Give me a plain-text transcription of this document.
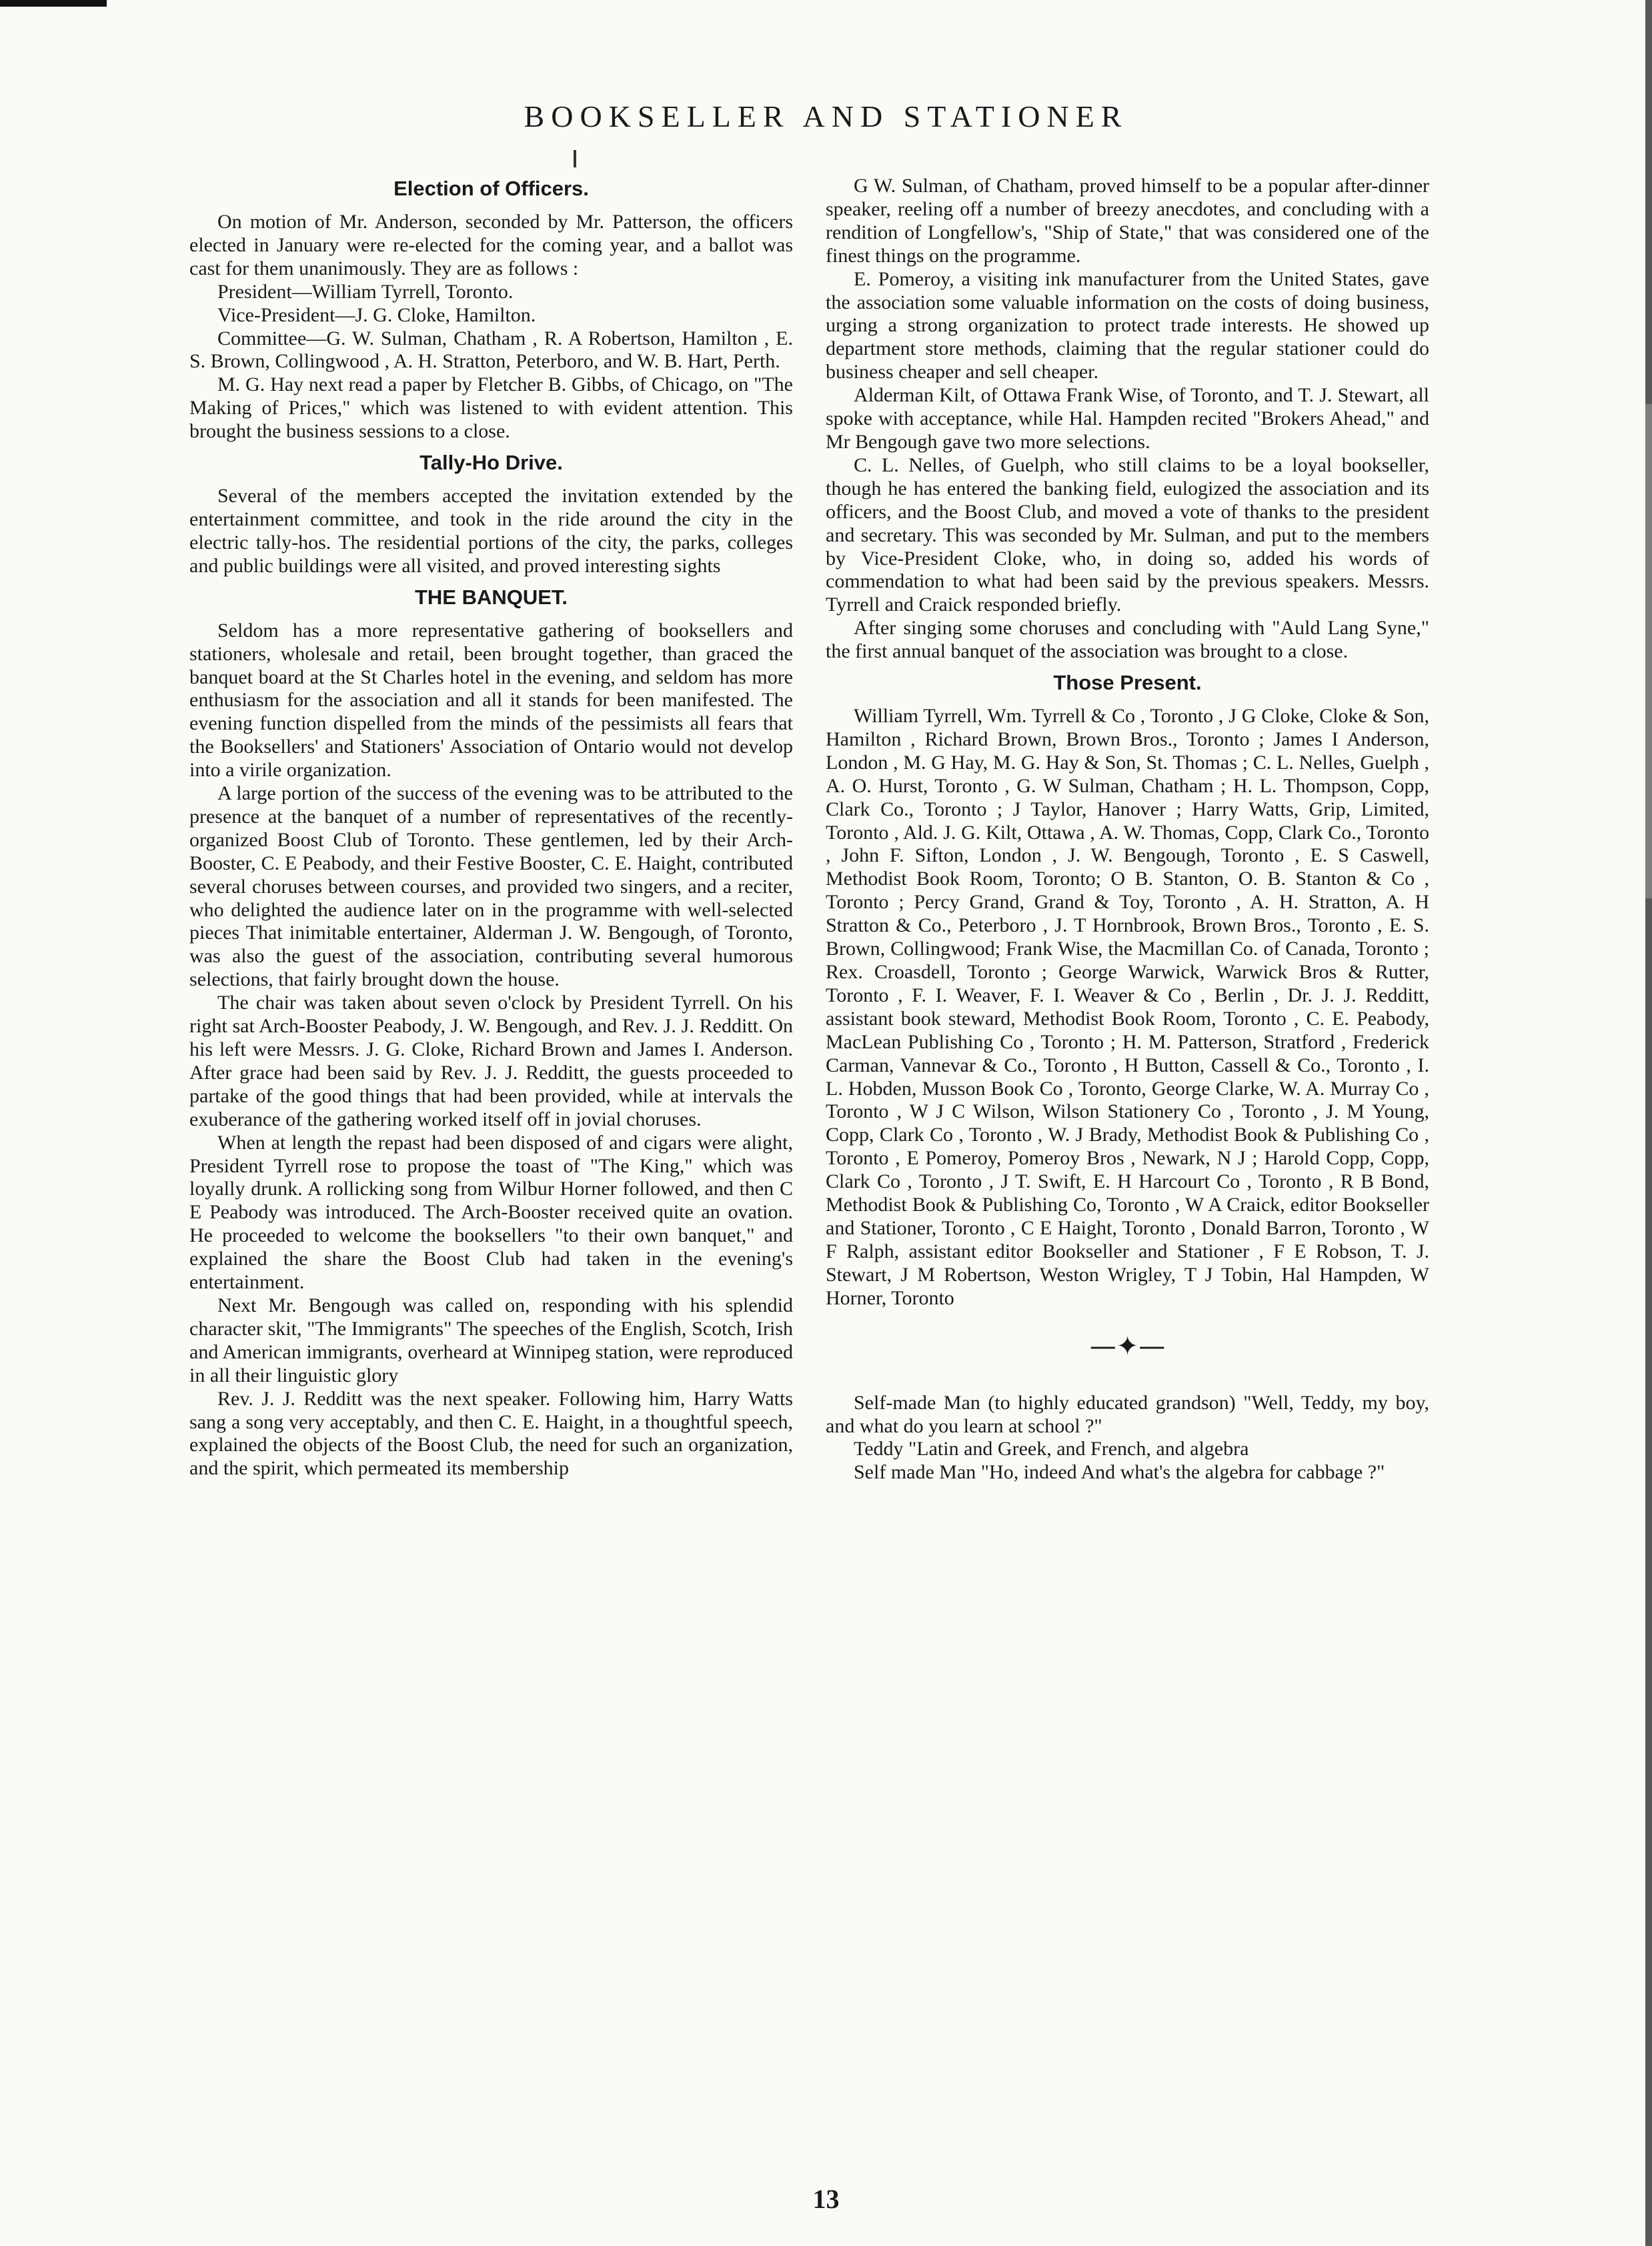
BOOKSELLER AND STATIONER
Election of Officers.

On motion of Mr. Anderson, seconded by Mr. Patterson, the officers elected in January were re-elected for the coming year, and a ballot was cast for them unanimously. They are as follows :

President—William Tyrrell, Toronto.

Vice-President—J. G. Cloke, Hamilton.

Committee—G. W. Sulman, Chatham , R. A Robertson, Hamilton , E. S. Brown, Collingwood , A. H. Stratton, Peterboro, and W. B. Hart, Perth.

M. G. Hay next read a paper by Fletcher B. Gibbs, of Chicago, on "The Making of Prices," which was listened to with evident attention. This brought the business sessions to a close.

Tally-Ho Drive.

Several of the members accepted the invitation extended by the entertainment committee, and took in the ride around the city in the electric tally-hos. The residential portions of the city, the parks, colleges and public buildings were all visited, and proved interesting sights

THE BANQUET.

Seldom has a more representative gathering of booksellers and stationers, wholesale and retail, been brought together, than graced the banquet board at the St Charles hotel in the evening, and seldom has more enthusiasm for the association and all it stands for been manifested. The evening function dispelled from the minds of the pessimists all fears that the Booksellers' and Stationers' Association of Ontario would not develop into a virile organization.

A large portion of the success of the evening was to be attributed to the presence at the banquet of a number of representatives of the recently-organized Boost Club of Toronto. These gentlemen, led by their Arch-Booster, C. E Peabody, and their Festive Booster, C. E. Haight, contributed several choruses between courses, and provided two singers, and a reciter, who delighted the audience later on in the programme with well-selected pieces That inimitable entertainer, Alderman J. W. Bengough, of Toronto, was also the guest of the association, contributing several humorous selections, that fairly brought down the house.

The chair was taken about seven o'clock by President Tyrrell. On his right sat Arch-Booster Peabody, J. W. Bengough, and Rev. J. J. Redditt. On his left were Messrs. J. G. Cloke, Richard Brown and James I. Anderson. After grace had been said by Rev. J. J. Redditt, the guests proceeded to partake of the good things that had been provided, while at intervals the exuberance of the gathering worked itself off in jovial choruses.

When at length the repast had been disposed of and cigars were alight, President Tyrrell rose to propose the toast of "The King," which was loyally drunk. A rollicking song from Wilbur Horner followed, and then C E Peabody was introduced. The Arch-Booster received quite an ovation. He proceeded to welcome the booksellers "to their own banquet," and explained the share the Boost Club had taken in the evening's entertainment.

Next Mr. Bengough was called on, responding with his splendid character skit, "The Immigrants" The speeches of the English, Scotch, Irish and American immigrants, overheard at Winnipeg station, were reproduced in all their linguistic glory

Rev. J. J. Redditt was the next speaker. Following him, Harry Watts sang a song very acceptably, and then C. E. Haight, in a thoughtful speech, explained the objects of the Boost Club, the need for such an organization, and the spirit, which permeated its membership

G W. Sulman, of Chatham, proved himself to be a popular after-dinner speaker, reeling off a number of breezy anecdotes, and concluding with a rendition of Longfellow's, "Ship of State," that was considered one of the finest things on the programme.

E. Pomeroy, a visiting ink manufacturer from the United States, gave the association some valuable information on the costs of doing business, urging a strong organization to protect trade interests. He showed up department store methods, claiming that the regular stationer could do business cheaper and sell cheaper.

Alderman Kilt, of Ottawa Frank Wise, of Toronto, and T. J. Stewart, all spoke with acceptance, while Hal. Hampden recited "Brokers Ahead," and Mr Bengough gave two more selections.

C. L. Nelles, of Guelph, who still claims to be a loyal bookseller, though he has entered the banking field, eulogized the association and its officers, and the Boost Club, and moved a vote of thanks to the president and secretary. This was seconded by Mr. Sulman, and put to the members by Vice-President Cloke, who, in doing so, added his words of commendation to what had been said by the previous speakers. Messrs. Tyrrell and Craick responded briefly.

After singing some choruses and concluding with "Auld Lang Syne," the first annual banquet of the association was brought to a close.

Those Present.

William Tyrrell, Wm. Tyrrell & Co , Toronto , J G Cloke, Cloke & Son, Hamilton , Richard Brown, Brown Bros., Toronto ; James I Anderson, London , M. G Hay, M. G. Hay & Son, St. Thomas ; C. L. Nelles, Guelph , A. O. Hurst, Toronto , G. W Sulman, Chatham ; H. L. Thompson, Copp, Clark Co., Toronto ; J Taylor, Hanover ; Harry Watts, Grip, Limited, Toronto , Ald. J. G. Kilt, Ottawa , A. W. Thomas, Copp, Clark Co., Toronto , John F. Sifton, London , J. W. Bengough, Toronto , E. S Caswell, Methodist Book Room, Toronto; O B. Stanton, O. B. Stanton & Co , Toronto ; Percy Grand, Grand & Toy, Toronto , A. H. Stratton, A. H Stratton & Co., Peterboro , J. T Hornbrook, Brown Bros., Toronto , E. S. Brown, Collingwood; Frank Wise, the Macmillan Co. of Canada, Toronto ; Rex. Croasdell, Toronto ; George Warwick, Warwick Bros & Rutter, Toronto , F. I. Weaver, F. I. Weaver & Co , Berlin , Dr. J. J. Redditt, assistant book steward, Methodist Book Room, Toronto , C. E. Peabody, MacLean Publishing Co , Toronto ; H. M. Patterson, Stratford , Frederick Carman, Vannevar & Co., Toronto , H Button, Cassell & Co., Toronto , I. L. Hobden, Musson Book Co , Toronto, George Clarke, W. A. Murray Co , Toronto , W J C Wilson, Wilson Stationery Co , Toronto , J. M Young, Copp, Clark Co , Toronto , W. J Brady, Methodist Book & Publishing Co , Toronto , E Pomeroy, Pomeroy Bros , Newark, N J ; Harold Copp, Copp, Clark Co , Toronto , J T. Swift, E. H Harcourt Co , Toronto , R B Bond, Methodist Book & Publishing Co, Toronto , W A Craick, editor Bookseller and Stationer, Toronto , C E Haight, Toronto , Donald Barron, Toronto , W F Ralph, assistant editor Bookseller and Stationer , F E Robson, T. J. Stewart, J M Robertson, Weston Wrigley, T J Tobin, Hal Hampden, W Horner, Toronto

—✦—

Self-made Man (to highly educated grandson) "Well, Teddy, my boy, and what do you learn at school ?"

Teddy "Latin and Greek, and French, and algebra

Self made Man "Ho, indeed And what's the algebra for cabbage ?"

13
